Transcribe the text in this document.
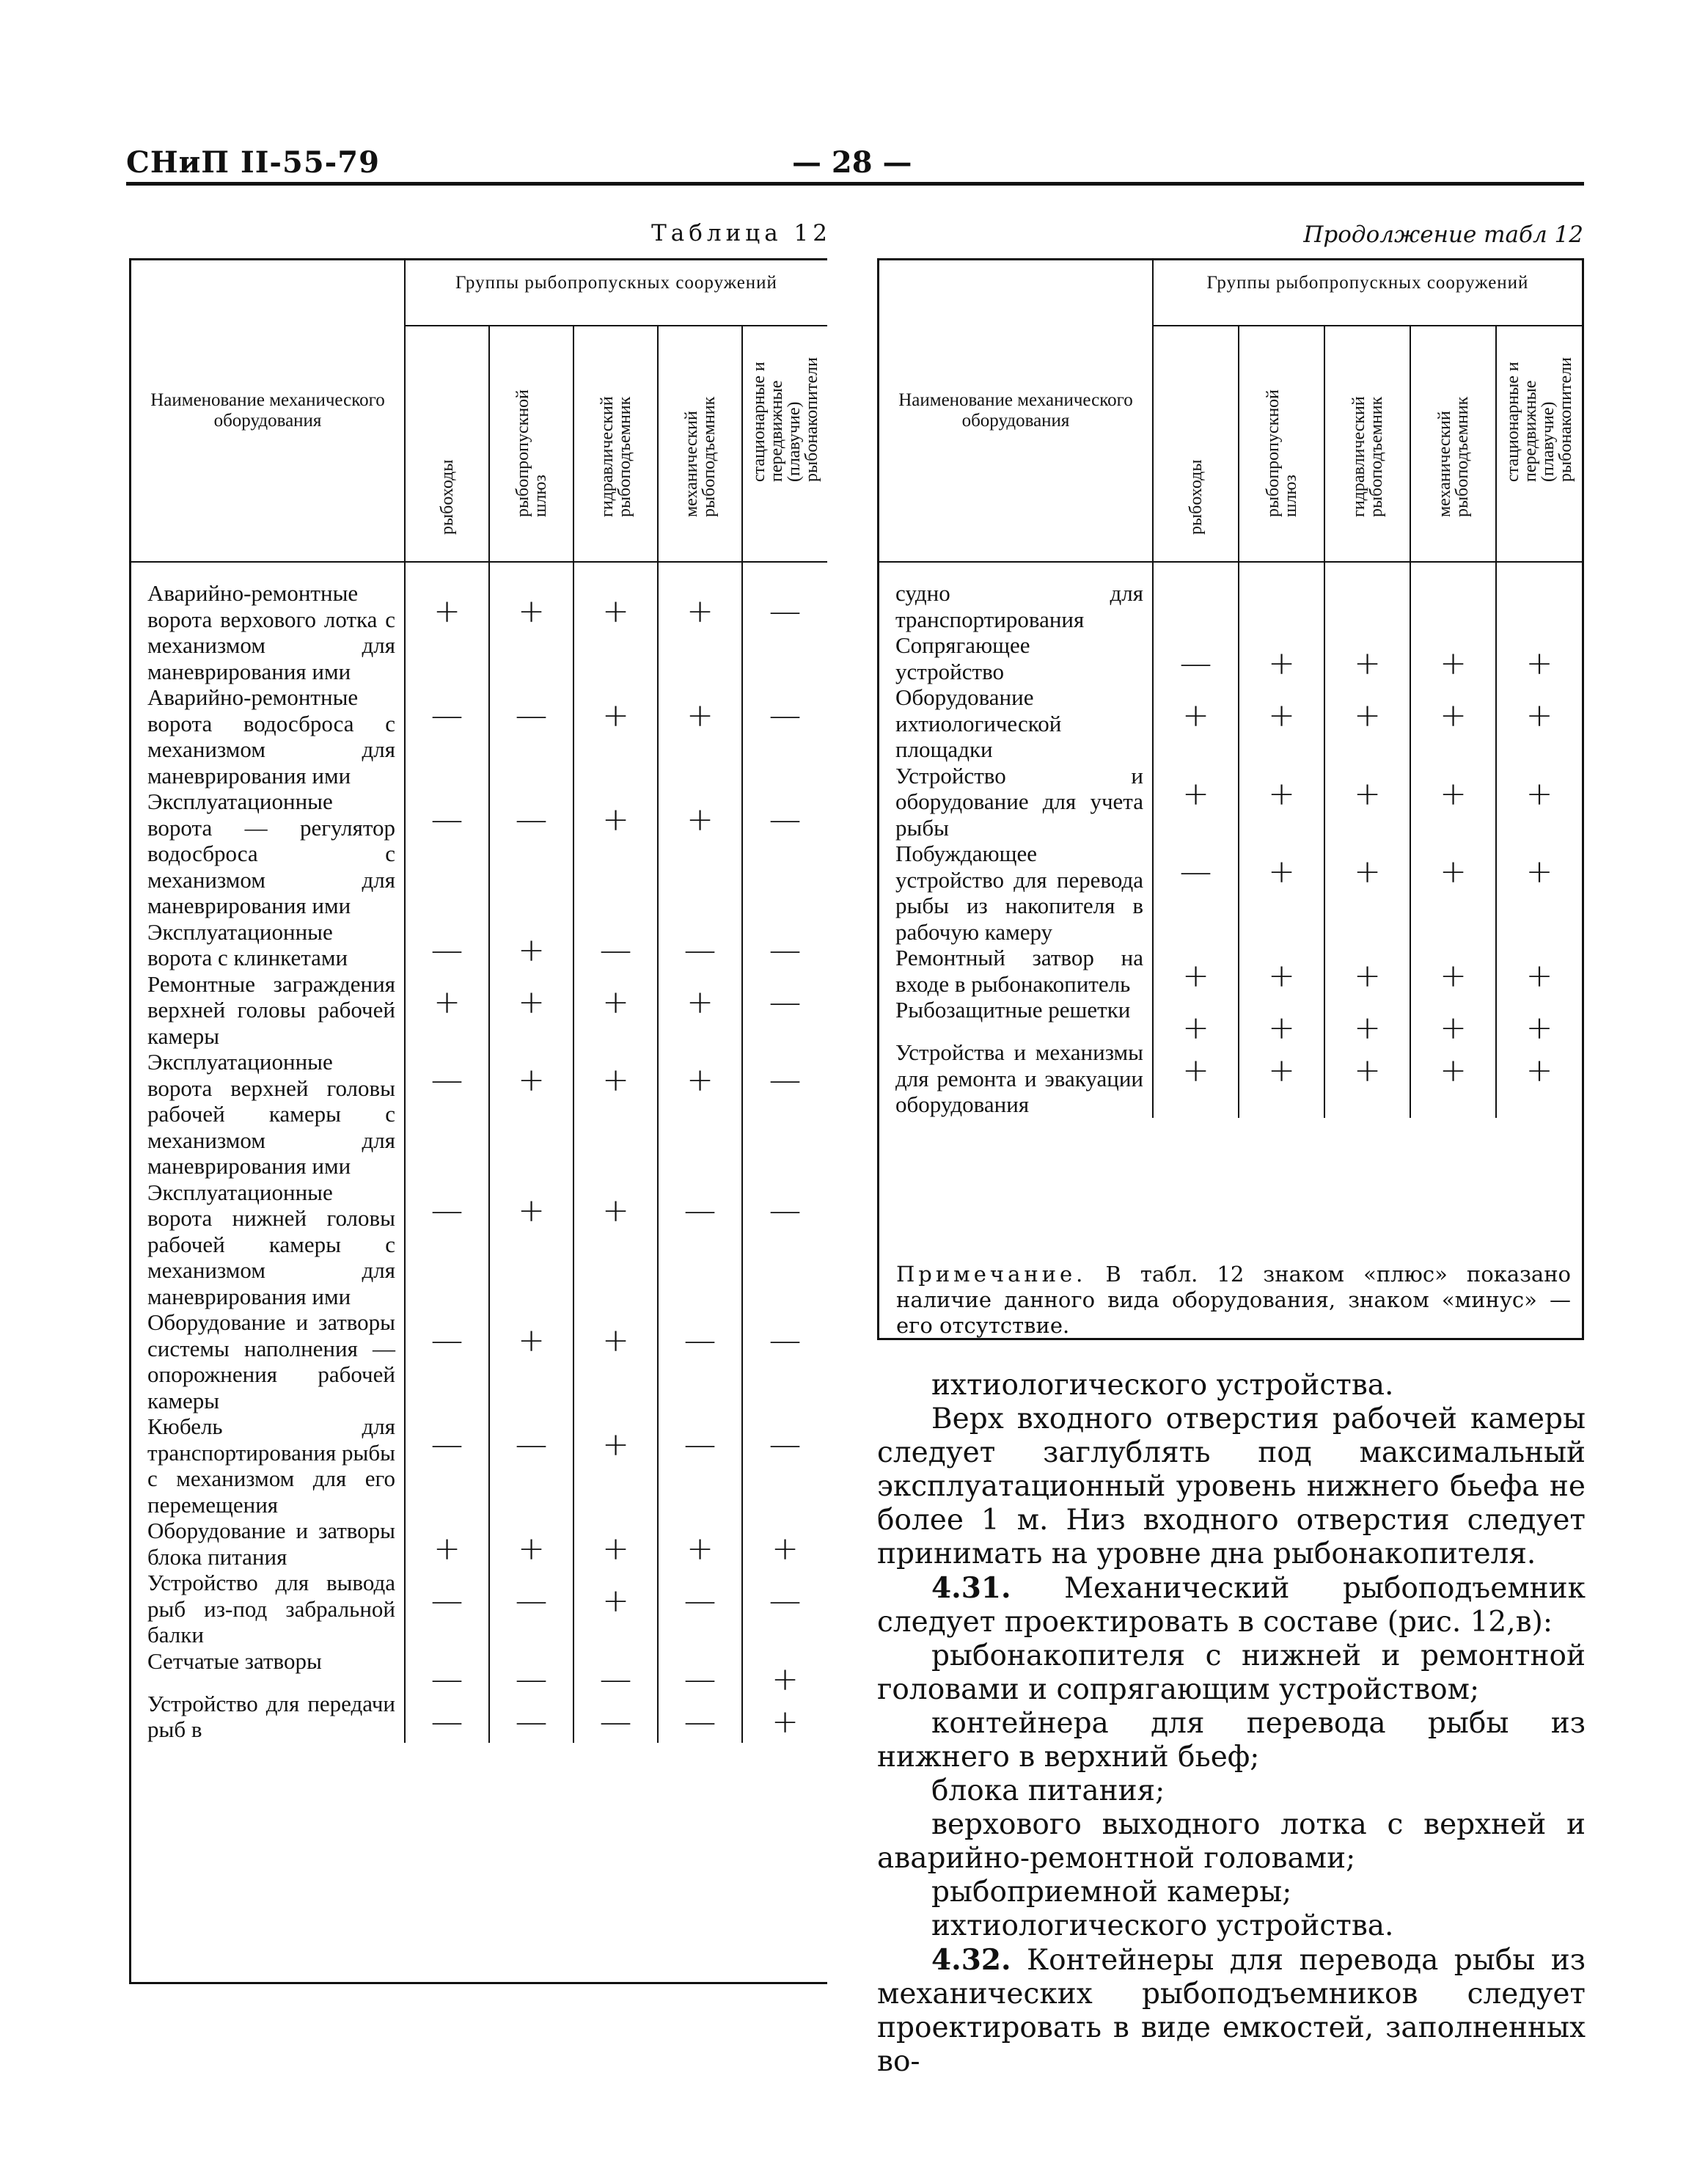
СНиП II-55-79	— 28 —
Таблица 12	Продолжение табл 12
Наименование механического оборудования	Группы рыбопропускных сооружений				

	рыбоходы	рыбопропускной шлюз	гидравлический рыбоподъемник	механический рыбоподъемник	стационарные и передвижные (плавучие) рыбонакопители

Аварийно-ремонтные ворота верхового лотка с механизмом для маневрирования ими	+	+	+	+	—
Аварийно-ремонтные ворота водосброса с механизмом для маневрирования ими	—	—	+	+	—
Эксплуатационные ворота — регулятор водосброса с механизмом для маневрирования ими	—	—	+	+	—
Эксплуатационные ворота с клинкетами	—	+	—	—	—
Ремонтные заграждения верхней головы рабочей камеры	+	+	+	+	—
Эксплуатационные ворота верхней головы рабочей камеры с механизмом для маневрирования ими	—	+	+	+	—
Эксплуатационные ворота нижней головы рабочей камеры с механизмом для маневрирования ими	—	+	+	—	—
Оборудование и затворы системы наполнения — опорожнения рабочей камеры	—	+	+	—	—
Кюбель для транспортирования рыбы с механизмом для его перемещения	—	—	+	—	—
Оборудование и затворы блока питания	+	+	+	+	+
Устройство для вывода рыб из-под забральной балки	—	—	+	—	—
Сетчатые затворы	—	—	—	—	+
Устройство для передачи рыб в	—	—	—	—	+
Наименование механического оборудования	Группы рыбопропускных сооружений				

	рыбоходы	рыбопропускной шлюз	гидравлический рыбоподъемник	механический рыбоподъемник	стационарные и передвижные (плавучие) рыбонакопители

судно для транспортирования					
Сопрягающее устройство	—	+	+	+	+
Оборудование ихтиологической площадки	+	+	+	+	+
Устройство и оборудование для учета рыбы	+	+	+	+	+
Побуждающее устройство для перевода рыбы из накопителя в рабочую камеру	—	+	+	+	+
Ремонтный затвор на входе в рыбонакопитель	+	+	+	+	+
Рыбозащитные решетки	+	+	+	+	+
Устройства и механизмы для ремонта и эвакуации оборудования	+	+	+	+	+
Примечание. В табл. 12 знаком «плюс» показано наличие данного вида оборудования, знаком «минус» — его отсутствие.

ихтиологического устройства.

Верх входного отверстия рабочей камеры следует заглублять под максимальный эксплуатационный уровень нижнего бьефа не более 1 м. Низ входного отверстия следует принимать на уровне дна рыбонакопителя.

4.31. Механический рыбоподъемник следует проектировать в составе (рис. 12,в):

рыбонакопителя с нижней и ремонтной головами и сопрягающим устройством;

контейнера для перевода рыбы из нижнего в верхний бьеф;

блока питания;

верхового выходного лотка с верхней и аварийно-ремонтной головами;

рыбоприемной камеры;

ихтиологического устройства.

4.32. Контейнеры для перевода рыбы из механических рыбоподъемников следует проектировать в виде емкостей, заполненных во-
